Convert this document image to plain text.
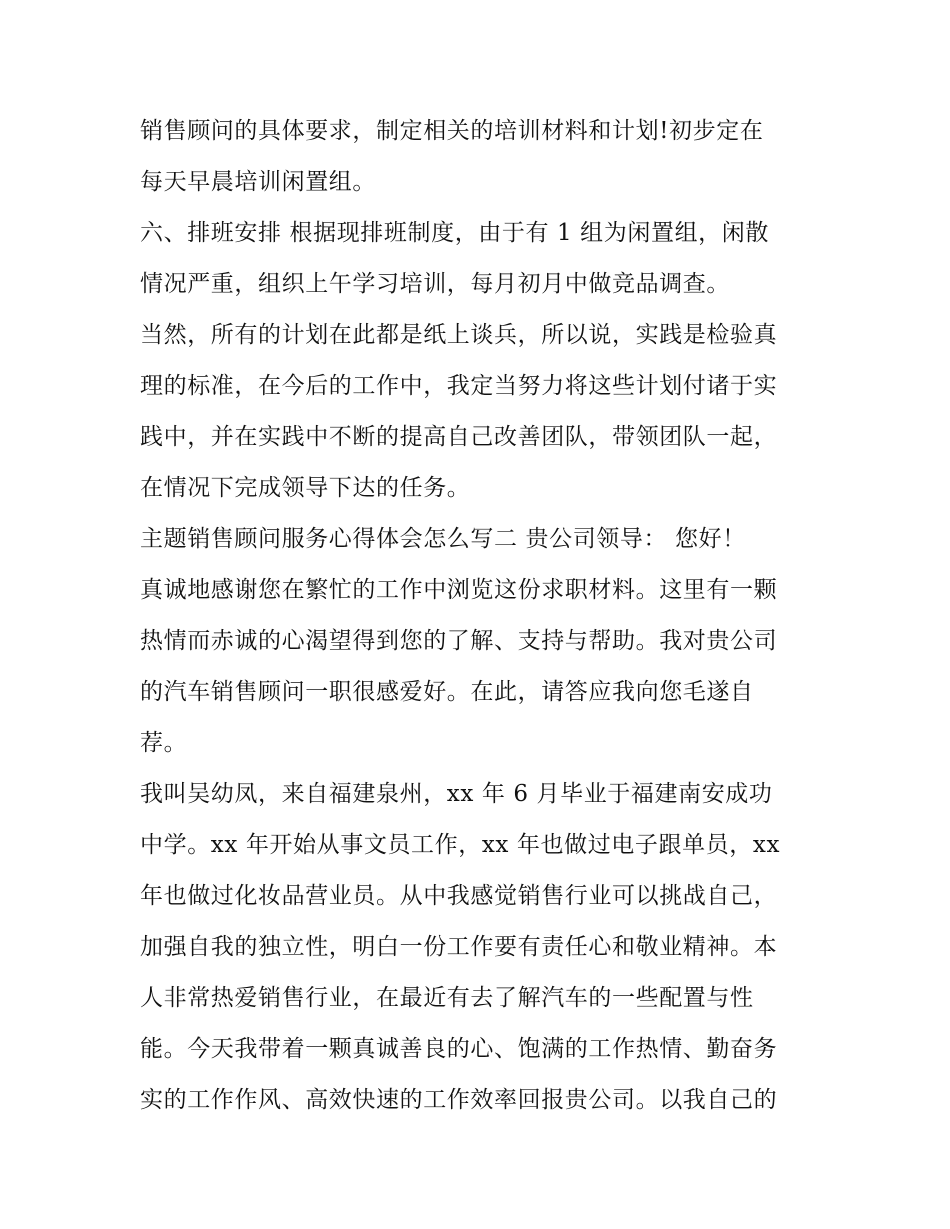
销售顾问的具体要求，制定相关的培训材料和计划!初步定在
每天早晨培训闲置组。
六、排班安排 根据现排班制度，由于有 1 组为闲置组，闲散
情况严重，组织上午学习培训，每月初月中做竞品调查。
当然，所有的计划在此都是纸上谈兵，所以说，实践是检验真
理的标准，在今后的工作中，我定当努力将这些计划付诸于实
践中，并在实践中不断的提高自己改善团队，带领团队一起，
在情况下完成领导下达的任务。
主题销售顾问服务心得体会怎么写二 贵公司领导： 您好！
真诚地感谢您在繁忙的工作中浏览这份求职材料。这里有一颗
热情而赤诚的心渴望得到您的了解、支持与帮助。我对贵公司
的汽车销售顾问一职很感爱好。在此，请答应我向您毛遂自
荐。
我叫吴幼凤，来自福建泉州，xx 年 6 月毕业于福建南安成功
中学。xx 年开始从事文员工作，xx 年也做过电子跟单员，xx
年也做过化妆品营业员。从中我感觉销售行业可以挑战自己，
加强自我的独立性，明白一份工作要有责任心和敬业精神。本
人非常热爱销售行业，在最近有去了解汽车的一些配置与性
能。今天我带着一颗真诚善良的心、饱满的工作热情、勤奋务
实的工作作风、高效快速的工作效率回报贵公司。以我自己的
